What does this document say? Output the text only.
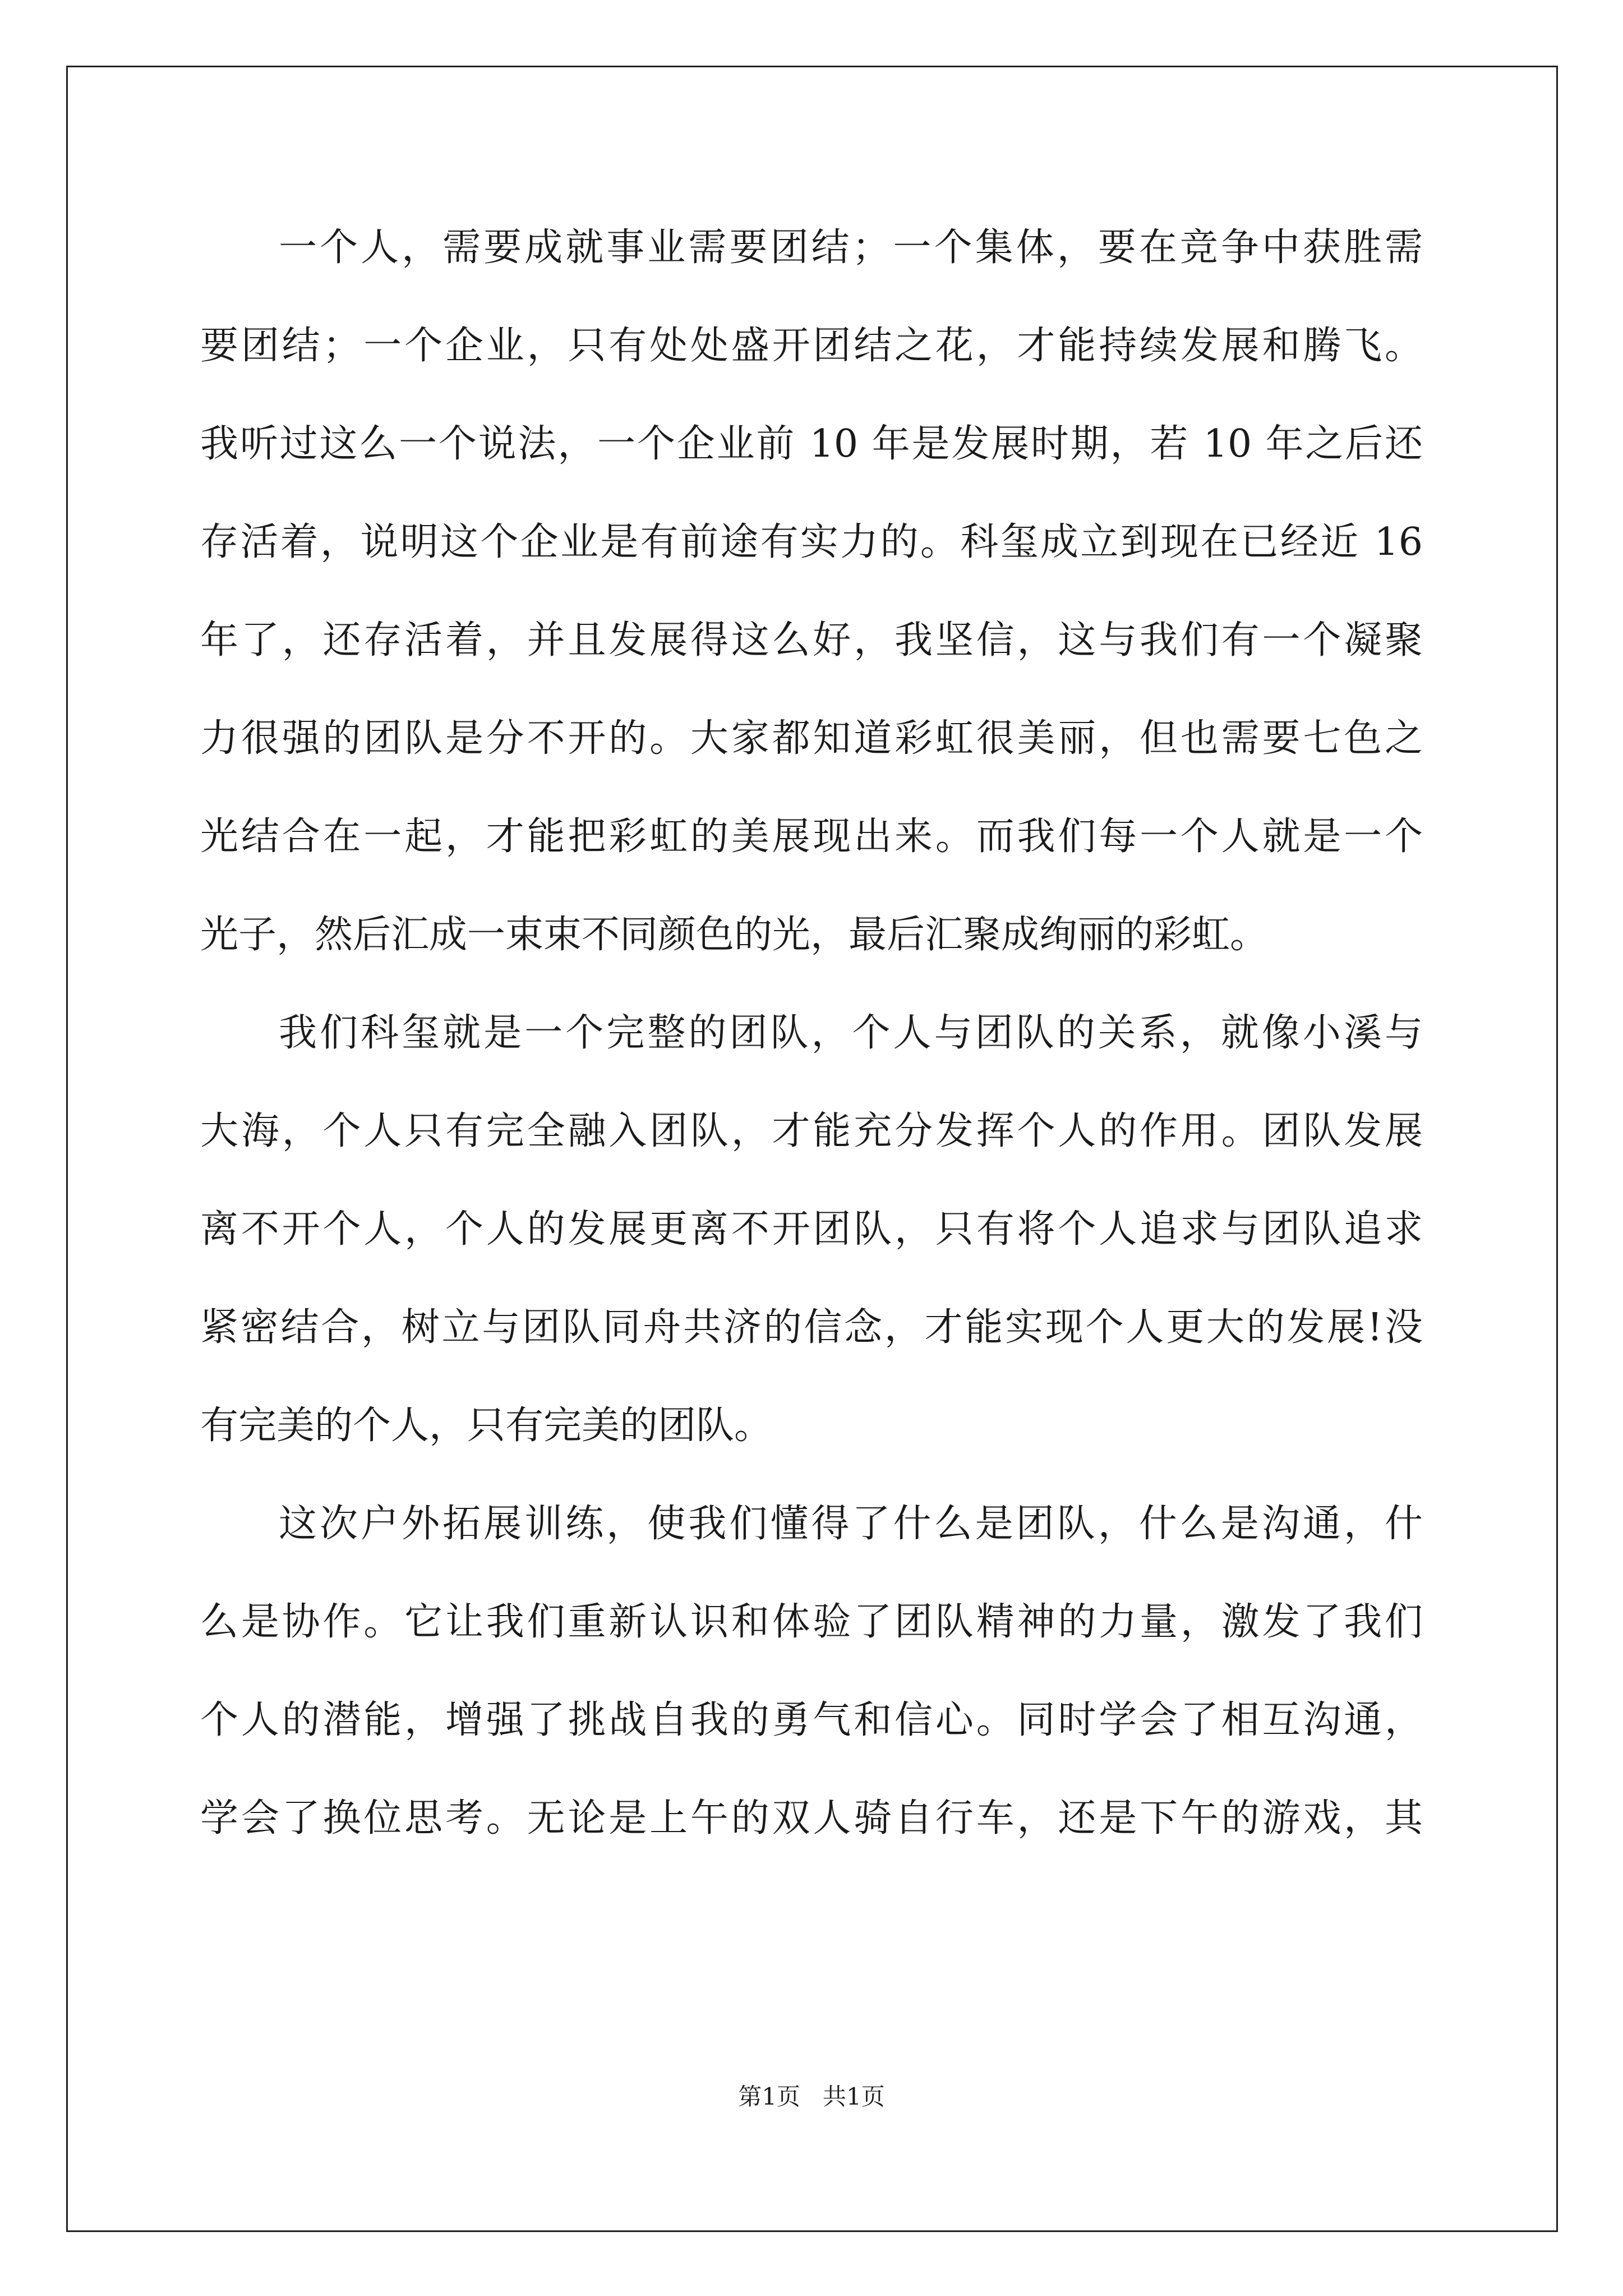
一个人，需要成就事业需要团结；一个集体，要在竞争中获胜需
要团结；一个企业，只有处处盛开团结之花，才能持续发展和腾飞。
我听过这么一个说法，一个企业前 10 年是发展时期，若 10 年之后还
存活着，说明这个企业是有前途有实力的。科玺成立到现在已经近 16
年了，还存活着，并且发展得这么好，我坚信，这与我们有一个凝聚
力很强的团队是分不开的。大家都知道彩虹很美丽，但也需要七色之
光结合在一起，才能把彩虹的美展现出来。而我们每一个人就是一个
光子，然后汇成一束束不同颜色的光，最后汇聚成绚丽的彩虹。
我们科玺就是一个完整的团队，个人与团队的关系，就像小溪与
大海，个人只有完全融入团队，才能充分发挥个人的作用。团队发展
离不开个人，个人的发展更离不开团队，只有将个人追求与团队追求
紧密结合，树立与团队同舟共济的信念，才能实现个人更大的发展!没
有完美的个人，只有完美的团队。
这次户外拓展训练，使我们懂得了什么是团队，什么是沟通，什
么是协作。它让我们重新认识和体验了团队精神的力量，激发了我们
个人的潜能，增强了挑战自我的勇气和信心。同时学会了相互沟通，
学会了换位思考。无论是上午的双人骑自行车，还是下午的游戏，其
第1页   共1页
